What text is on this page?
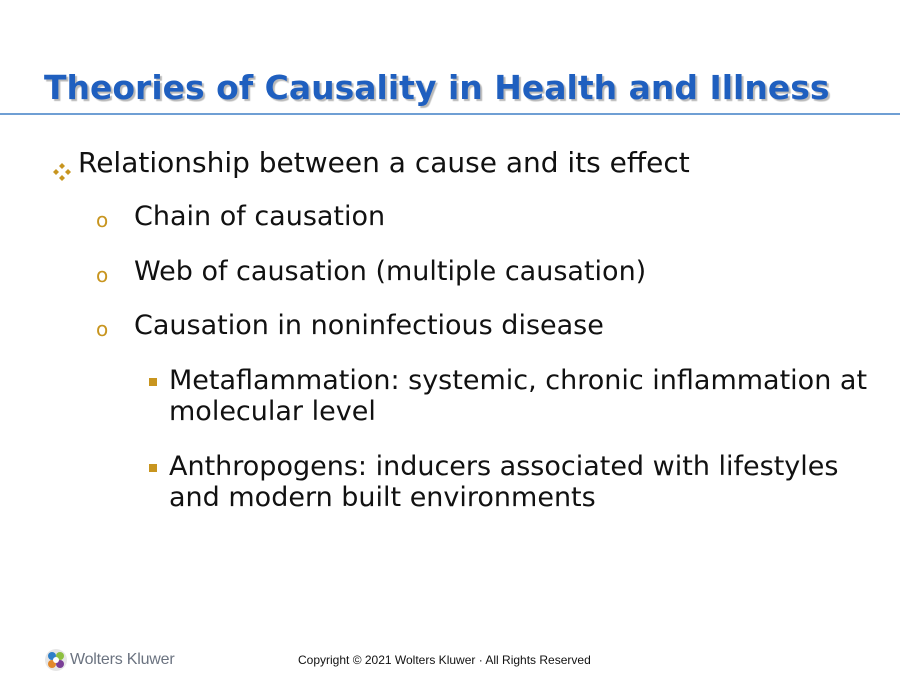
Theories of Causality in Health and Illness
Relationship between a cause and its effect
o Chain of causation
o Web of causation (multiple causation)
o Causation in noninfectious disease
Metaflammation: systemic, chronic inflammation at molecular level
Anthropogens: inducers associated with lifestyles and modern built environments
Wolters Kluwer	Copyright © 2021 Wolters Kluwer · All Rights Reserved
